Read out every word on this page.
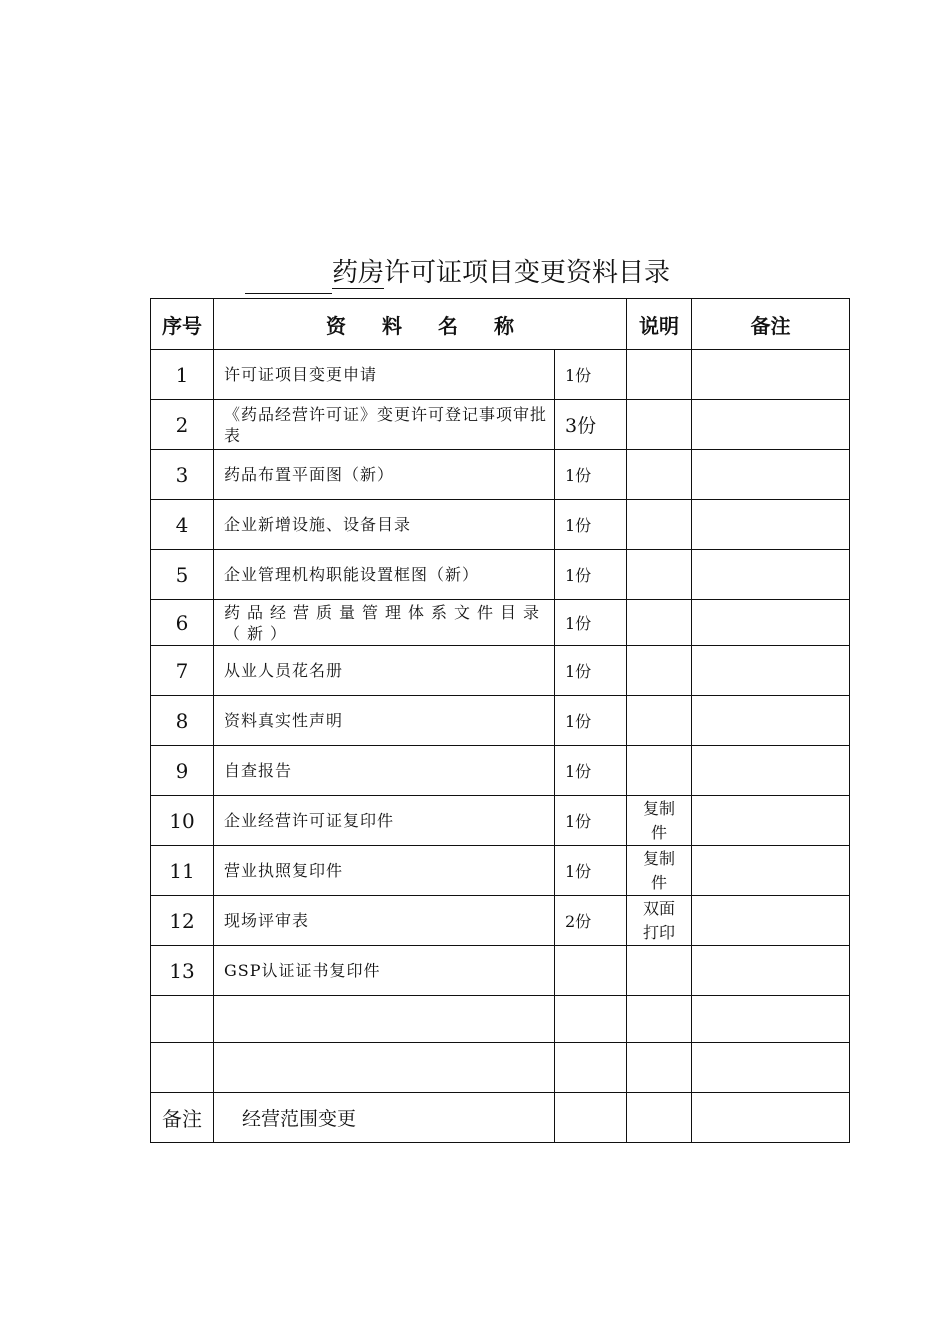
药房许可证项目变更资料目录
序号	资料名称		说明	备注
1	许可证项目变更申请	1份		

2	《药品经营许可证》变更许可登记事项审批表	3份		

3	药品布置平面图（新）	1份		

4	企业新增设施、设备目录	1份		

5	企业管理机构职能设置框图（新）	1份		

6	药品经营质量管理体系文件目录（新）	1份		

7	从业人员花名册	1份		

8	资料真实性声明	1份		

9	自查报告	1份		

10	企业经营许可证复印件	1份	复制件	

11	营业执照复印件	1份	复制件	

12	现场评审表	2份	双面打印	

13	GSP认证证书复印件			

备注	经营范围变更			
